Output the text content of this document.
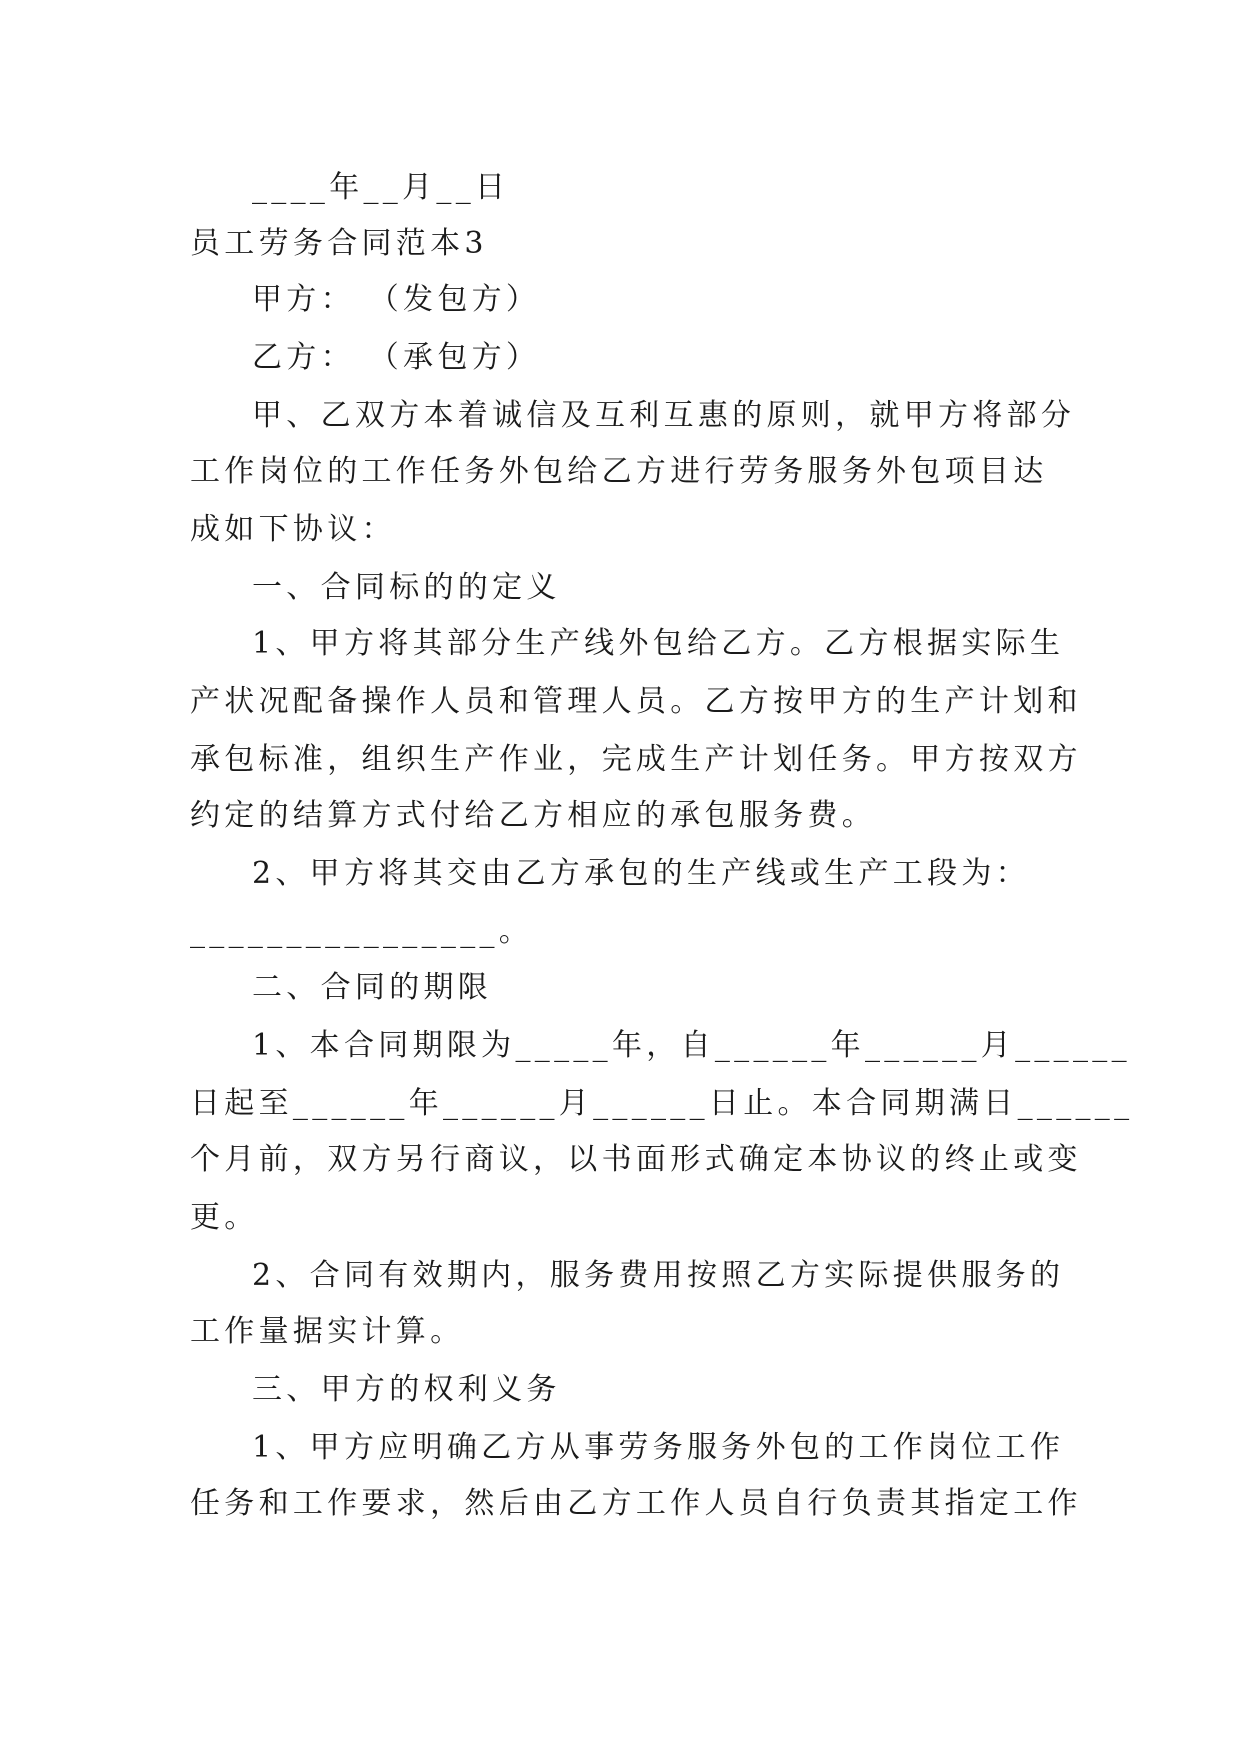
____年__月__日

员工劳务合同范本3

甲方： （发包方）

乙方： （承包方）

甲、乙双方本着诚信及互利互惠的原则，就甲方将部分

工作岗位的工作任务外包给乙方进行劳务服务外包项目达

成如下协议：

一、合同标的的定义

1、甲方将其部分生产线外包给乙方。乙方根据实际生

产状况配备操作人员和管理人员。乙方按甲方的生产计划和

承包标准，组织生产作业，完成生产计划任务。甲方按双方

约定的结算方式付给乙方相应的承包服务费。

2、甲方将其交由乙方承包的生产线或生产工段为：

________________。

二、合同的期限

1、本合同期限为_____年，自______年______月______

日起至______年______月______日止。本合同期满日______

个月前，双方另行商议，以书面形式确定本协议的终止或变

更。

2、合同有效期内，服务费用按照乙方实际提供服务的

工作量据实计算。

三、甲方的权利义务

1、甲方应明确乙方从事劳务服务外包的工作岗位工作

任务和工作要求，然后由乙方工作人员自行负责其指定工作
